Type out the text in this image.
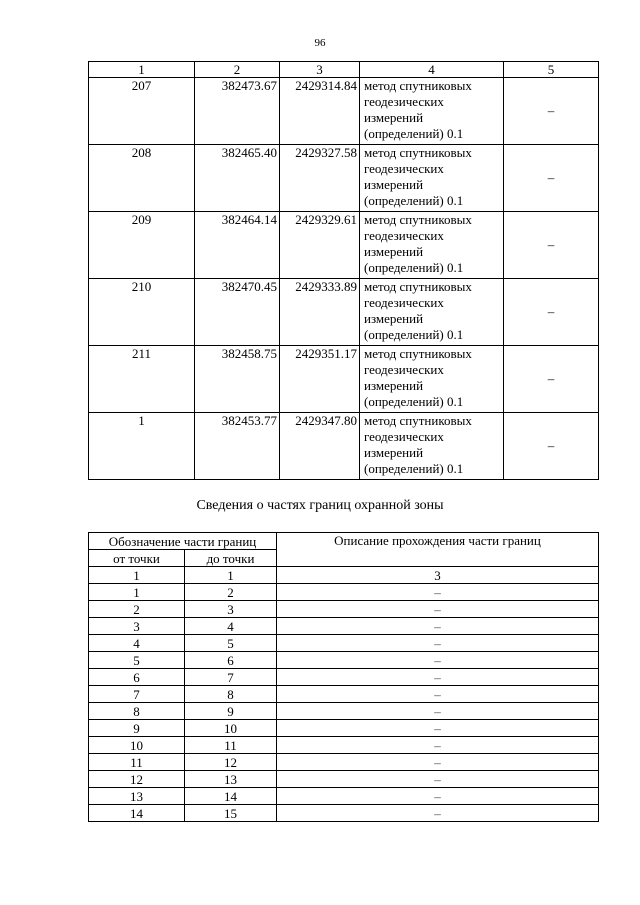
96
1	2	3	4	5
207	382473.67	2429314.84	метод спутниковых геодезических измерений (определений) 0.1	–
208	382465.40	2429327.58	метод спутниковых геодезических измерений (определений) 0.1	–
209	382464.14	2429329.61	метод спутниковых геодезических измерений (определений) 0.1	–
210	382470.45	2429333.89	метод спутниковых геодезических измерений (определений) 0.1	–
211	382458.75	2429351.17	метод спутниковых геодезических измерений (определений) 0.1	–
1	382453.77	2429347.80	метод спутниковых геодезических измерений (определений) 0.1	–
Сведения о частях границ охранной зоны
Обозначение части границ		Описание прохождения части границ
от точки	до точки	
1	1	3
1	2	–
2	3	–
3	4	–
4	5	–
5	6	–
6	7	–
7	8	–
8	9	–
9	10	–
10	11	–
11	12	–
12	13	–
13	14	–
14	15	–
